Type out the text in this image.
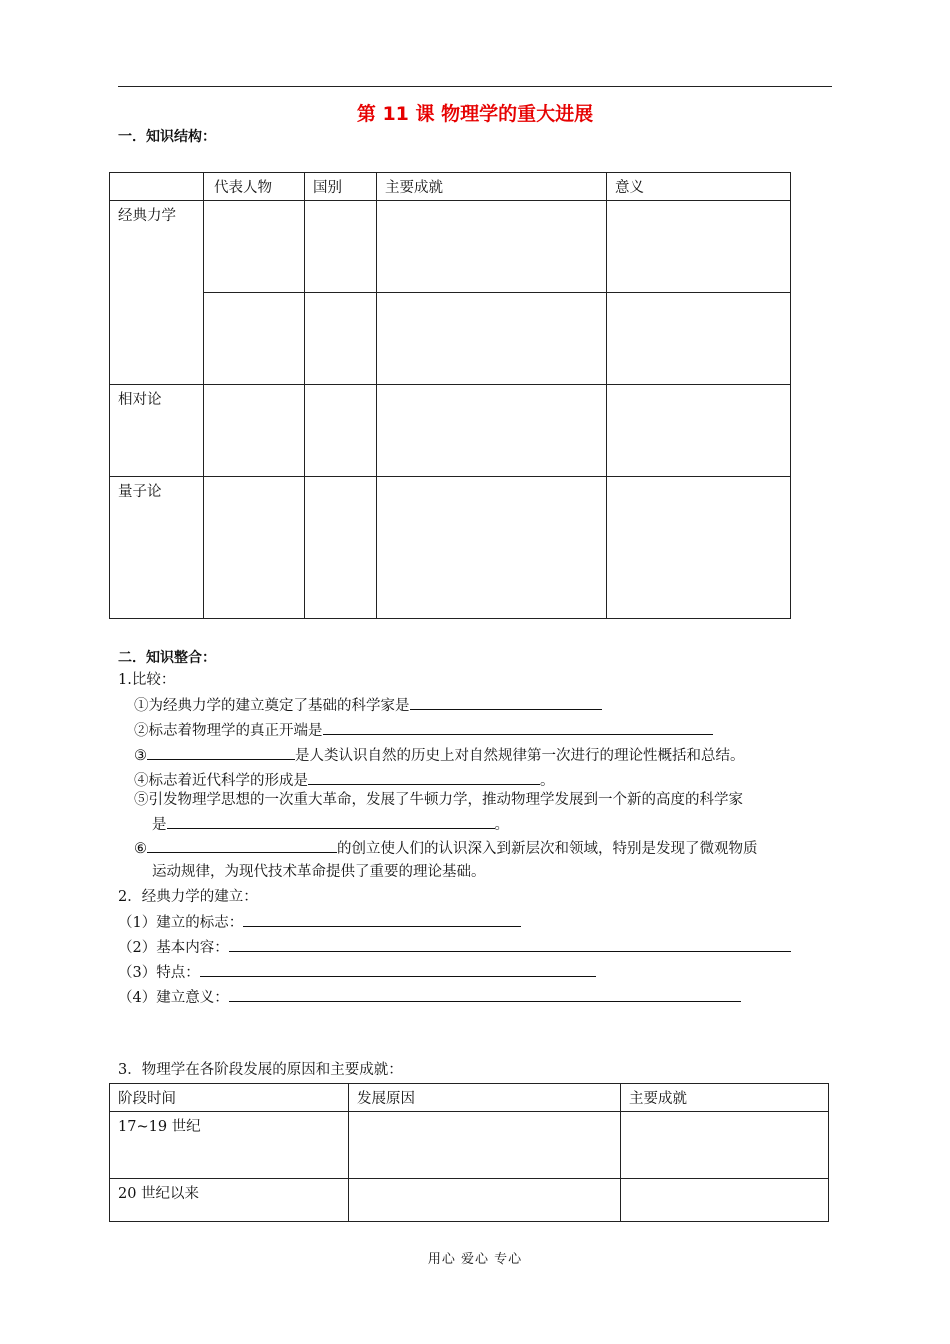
第 11 课 物理学的重大进展
一．知识结构：
	代表人物	国别	主要成就	意义
经典力学				

相对论				
量子论				
二．知识整合：
1.比较：
①为经典力学的建立奠定了基础的科学家是
②标志着物理学的真正开端是
③	是人类认识自然的历史上对自然规律第一次进行的理论性概括和总结。
④标志着近代科学的形成是	。
⑤引发物理学思想的一次重大革命，发展了牛顿力学，推动物理学发展到一个新的高度的科学家
是	。
⑥	的创立使人们的认识深入到新层次和领域，特别是发现了微观物质
运动规律，为现代技术革命提供了重要的理论基础。
2．经典力学的建立：
（1）建立的标志：
（2）基本内容：
（3）特点：
（4）建立意义：
3．物理学在各阶段发展的原因和主要成就：
阶段时间	发展原因	主要成就
17~19 世纪		
20 世纪以来		
用心 爱心 专心
